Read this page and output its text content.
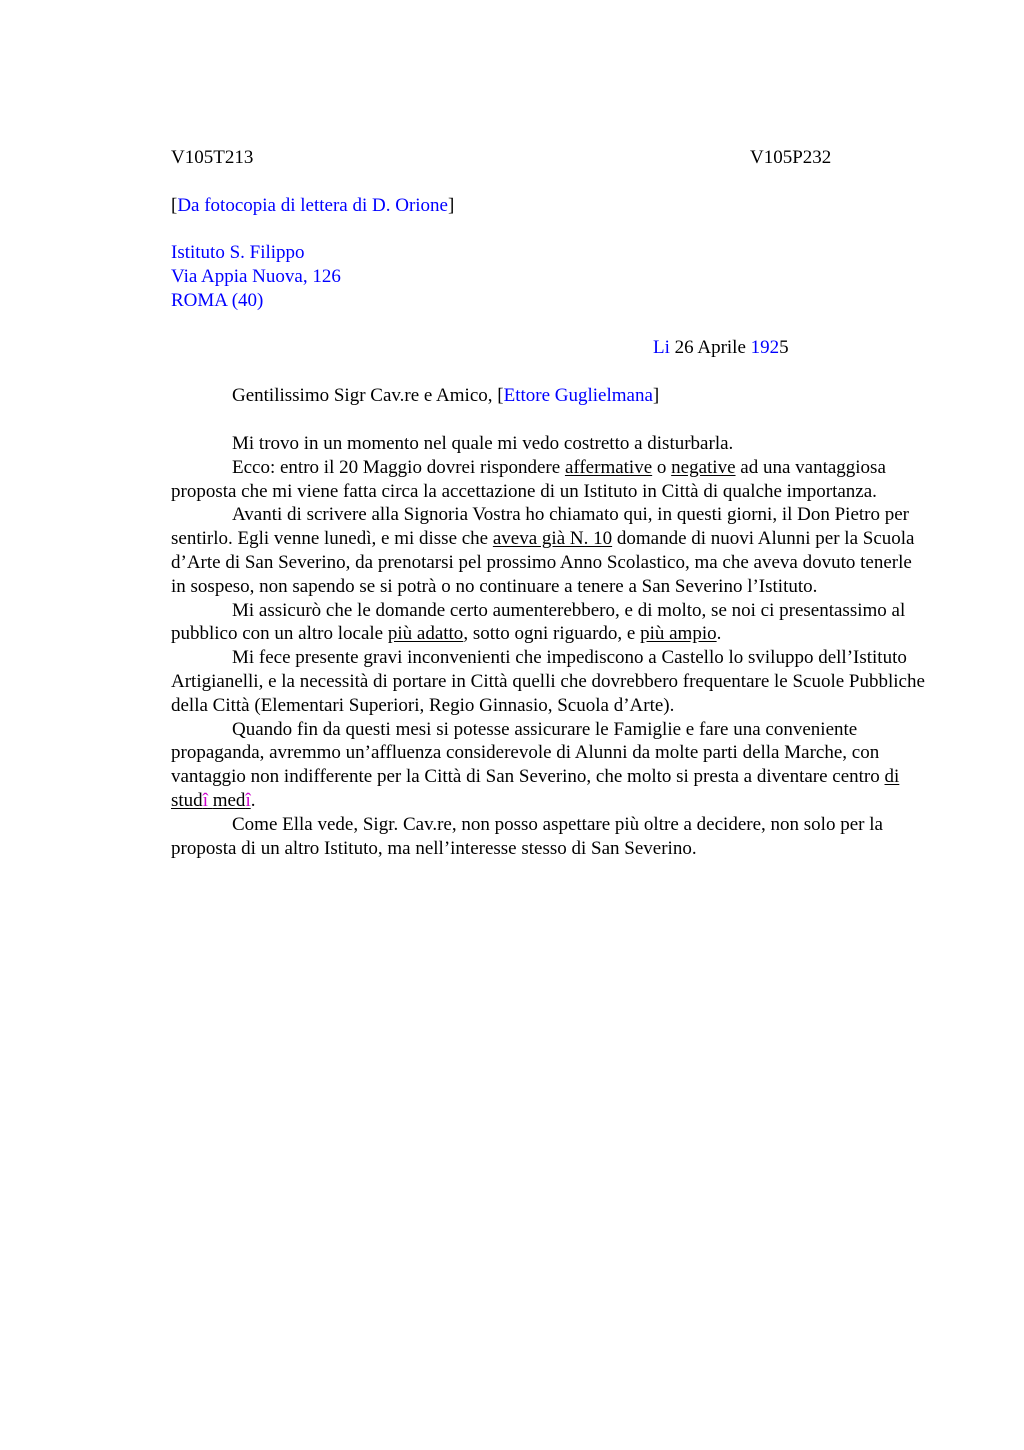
V105T213	V105P232
[Da fotocopia di lettera di D. Orione]
Istituto S. Filippo
Via Appia Nuova, 126
ROMA (40)
Li 26 Aprile 1925
Gentilissimo Sigr Cav.re e Amico, [Ettore Guglielmana]

Mi trovo in un momento nel quale mi vedo costretto a disturbarla.

Ecco: entro il 20 Maggio dovrei rispondere affermative o negative ad una vantaggiosa proposta che mi viene fatta circa la accettazione di un Istituto in Città di qualche importanza.

Avanti di scrivere alla Signoria Vostra ho chiamato qui, in questi giorni, il Don Pietro per sentirlo. Egli venne lunedì, e mi disse che aveva già N. 10 domande di nuovi Alunni per la Scuola d’Arte di San Severino, da prenotarsi pel prossimo Anno Scolastico, ma che aveva dovuto tenerle in sospeso, non sapendo se si potrà o no continuare a tenere a San Severino l’Istituto.

Mi assicurò che le domande certo aumenterebbero, e di molto, se noi ci presentassimo al pubblico con un altro locale più adatto, sotto ogni riguardo, e più ampio.

Mi fece presente gravi inconvenienti che impediscono a Castello lo sviluppo dell’Istituto Artigianelli, e la necessità di portare in Città quelli che dovrebbero frequentare le Scuole Pubbliche della Città (Elementari Superiori, Regio Ginnasio, Scuola d’Arte).

Quando fin da questi mesi si potesse assicurare le Famiglie e fare una conveniente propaganda, avremmo un’affluenza considerevole di Alunni da molte parti della Marche, con vantaggio non indifferente per la Città di San Severino, che molto si presta a diventare centro di studî medî.

Come Ella vede, Sigr. Cav.re, non posso aspettare più oltre a decidere, non solo per la proposta di un altro Istituto, ma nell’interesse stesso di San Severino.
